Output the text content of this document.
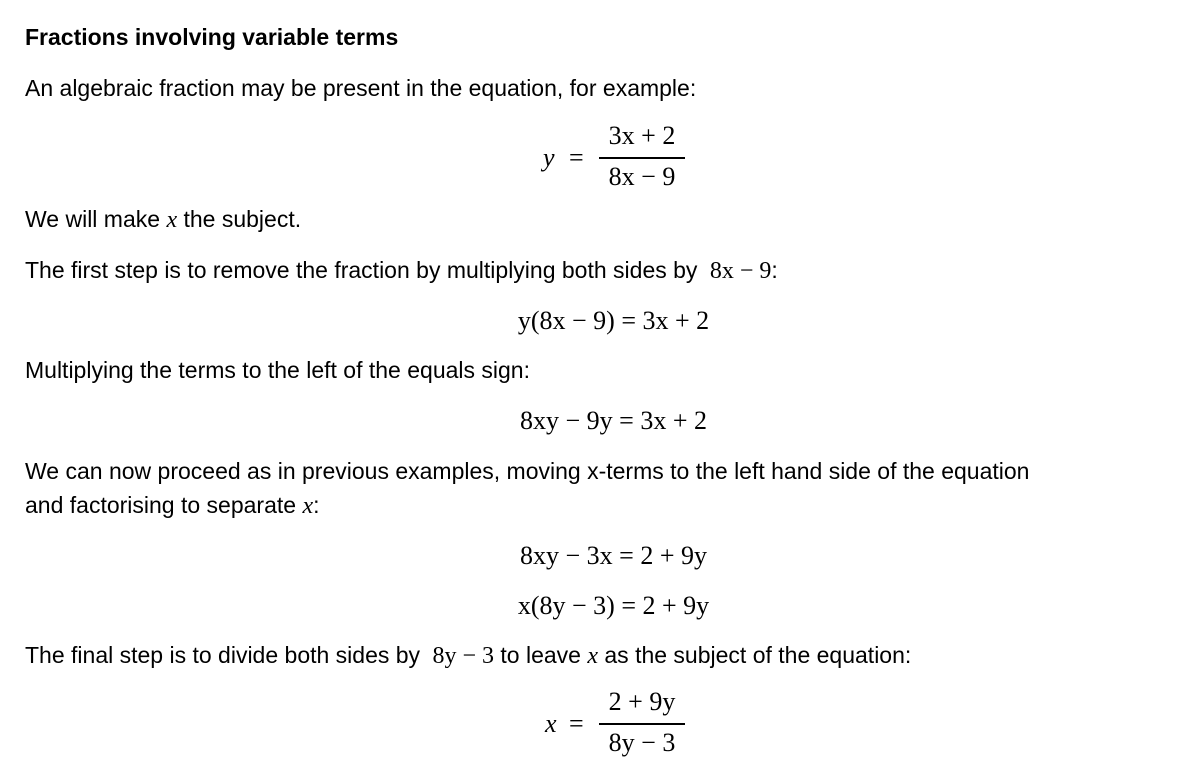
Fractions involving variable terms
An algebraic fraction may be present in the equation, for example:
y =
3x + 2
8x − 9
We will make x the subject.
The first step is to remove the fraction by multiplying both sides by 8x − 9:
y(8x − 9) = 3x + 2
Multiplying the terms to the left of the equals sign:
8xy − 9y = 3x + 2
We can now proceed as in previous examples, moving x-terms to the left hand side of the equation
and factorising to separate x:
8xy − 3x = 2 + 9y
x(8y − 3) = 2 + 9y
The final step is to divide both sides by 8y − 3 to leave x as the subject of the equation:
x =
2 + 9y
8y − 3
